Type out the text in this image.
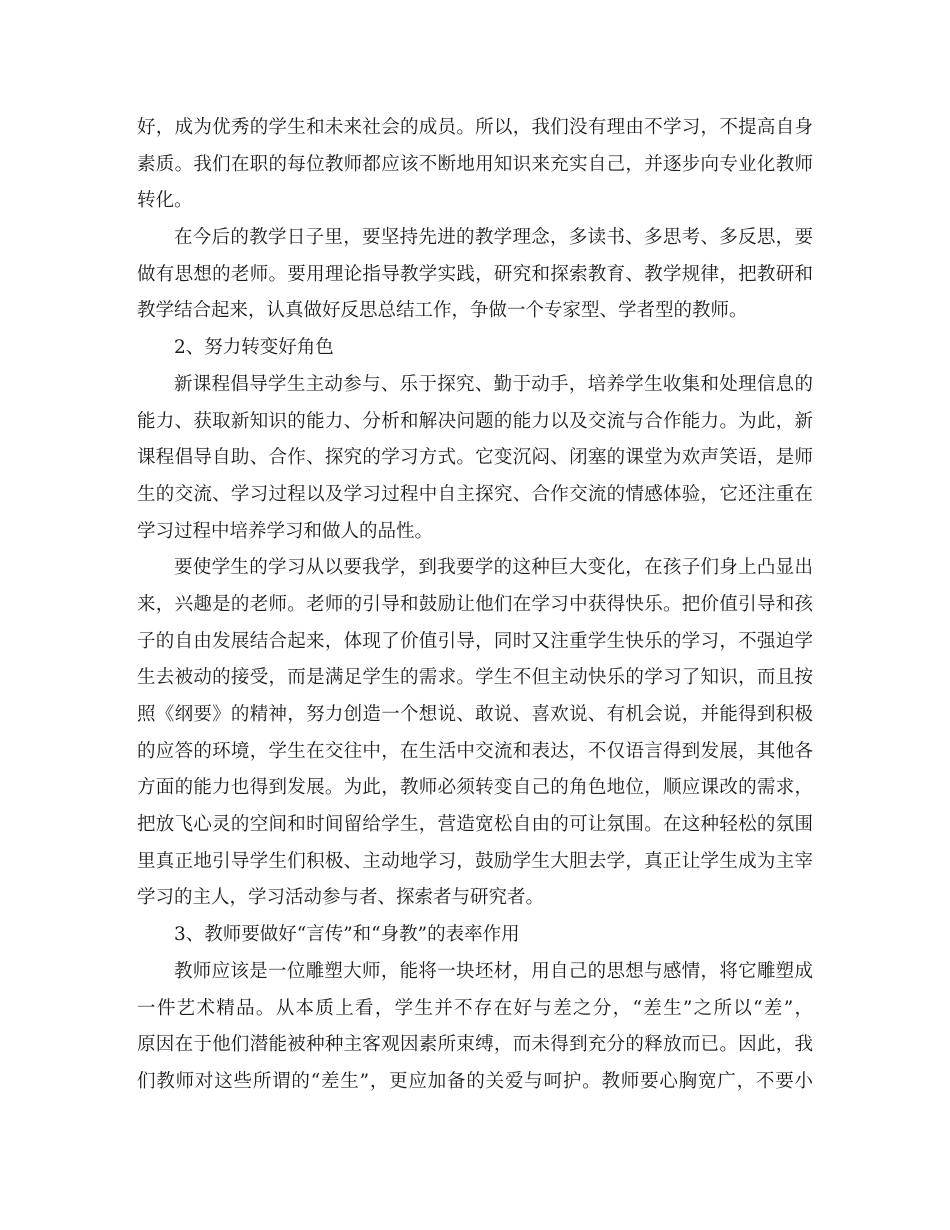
好，成为优秀的学生和未来社会的成员。所以，我们没有理由不学习，不提高自身
素质。我们在职的每位教师都应该不断地用知识来充实自己，并逐步向专业化教师
转化。
在今后的教学日子里，要坚持先进的教学理念，多读书、多思考、多反思，要
做有思想的老师。要用理论指导教学实践，研究和探索教育、教学规律，把教研和
教学结合起来，认真做好反思总结工作，争做一个专家型、学者型的教师。
2、努力转变好角色
新课程倡导学生主动参与、乐于探究、勤于动手，培养学生收集和处理信息的
能力、获取新知识的能力、分析和解决问题的能力以及交流与合作能力。为此，新
课程倡导自助、合作、探究的学习方式。它变沉闷、闭塞的课堂为欢声笑语，是师
生的交流、学习过程以及学习过程中自主探究、合作交流的情感体验，它还注重在
学习过程中培养学习和做人的品性。
要使学生的学习从以要我学，到我要学的这种巨大变化，在孩子们身上凸显出
来，兴趣是的老师。老师的引导和鼓励让他们在学习中获得快乐。把价值引导和孩
子的自由发展结合起来，体现了价值引导，同时又注重学生快乐的学习，不强迫学
生去被动的接受，而是满足学生的需求。学生不但主动快乐的学习了知识，而且按
照《纲要》的精神，努力创造一个想说、敢说、喜欢说、有机会说，并能得到积极
的应答的环境，学生在交往中，在生活中交流和表达，不仅语言得到发展，其他各
方面的能力也得到发展。为此，教师必须转变自己的角色地位，顺应课改的需求，
把放飞心灵的空间和时间留给学生，营造宽松自由的可让氛围。在这种轻松的氛围
里真正地引导学生们积极、主动地学习，鼓励学生大胆去学，真正让学生成为主宰
学习的主人，学习活动参与者、探索者与研究者。
3、教师要做好“言传”和“身教”的表率作用
教师应该是一位雕塑大师，能将一块坯材，用自己的思想与感情，将它雕塑成
一件艺术精品。从本质上看，学生并不存在好与差之分，“差生”之所以“差”，
原因在于他们潜能被种种主客观因素所束缚，而未得到充分的释放而已。因此，我
们教师对这些所谓的“差生”，更应加备的关爱与呵护。教师要心胸宽广，不要小
